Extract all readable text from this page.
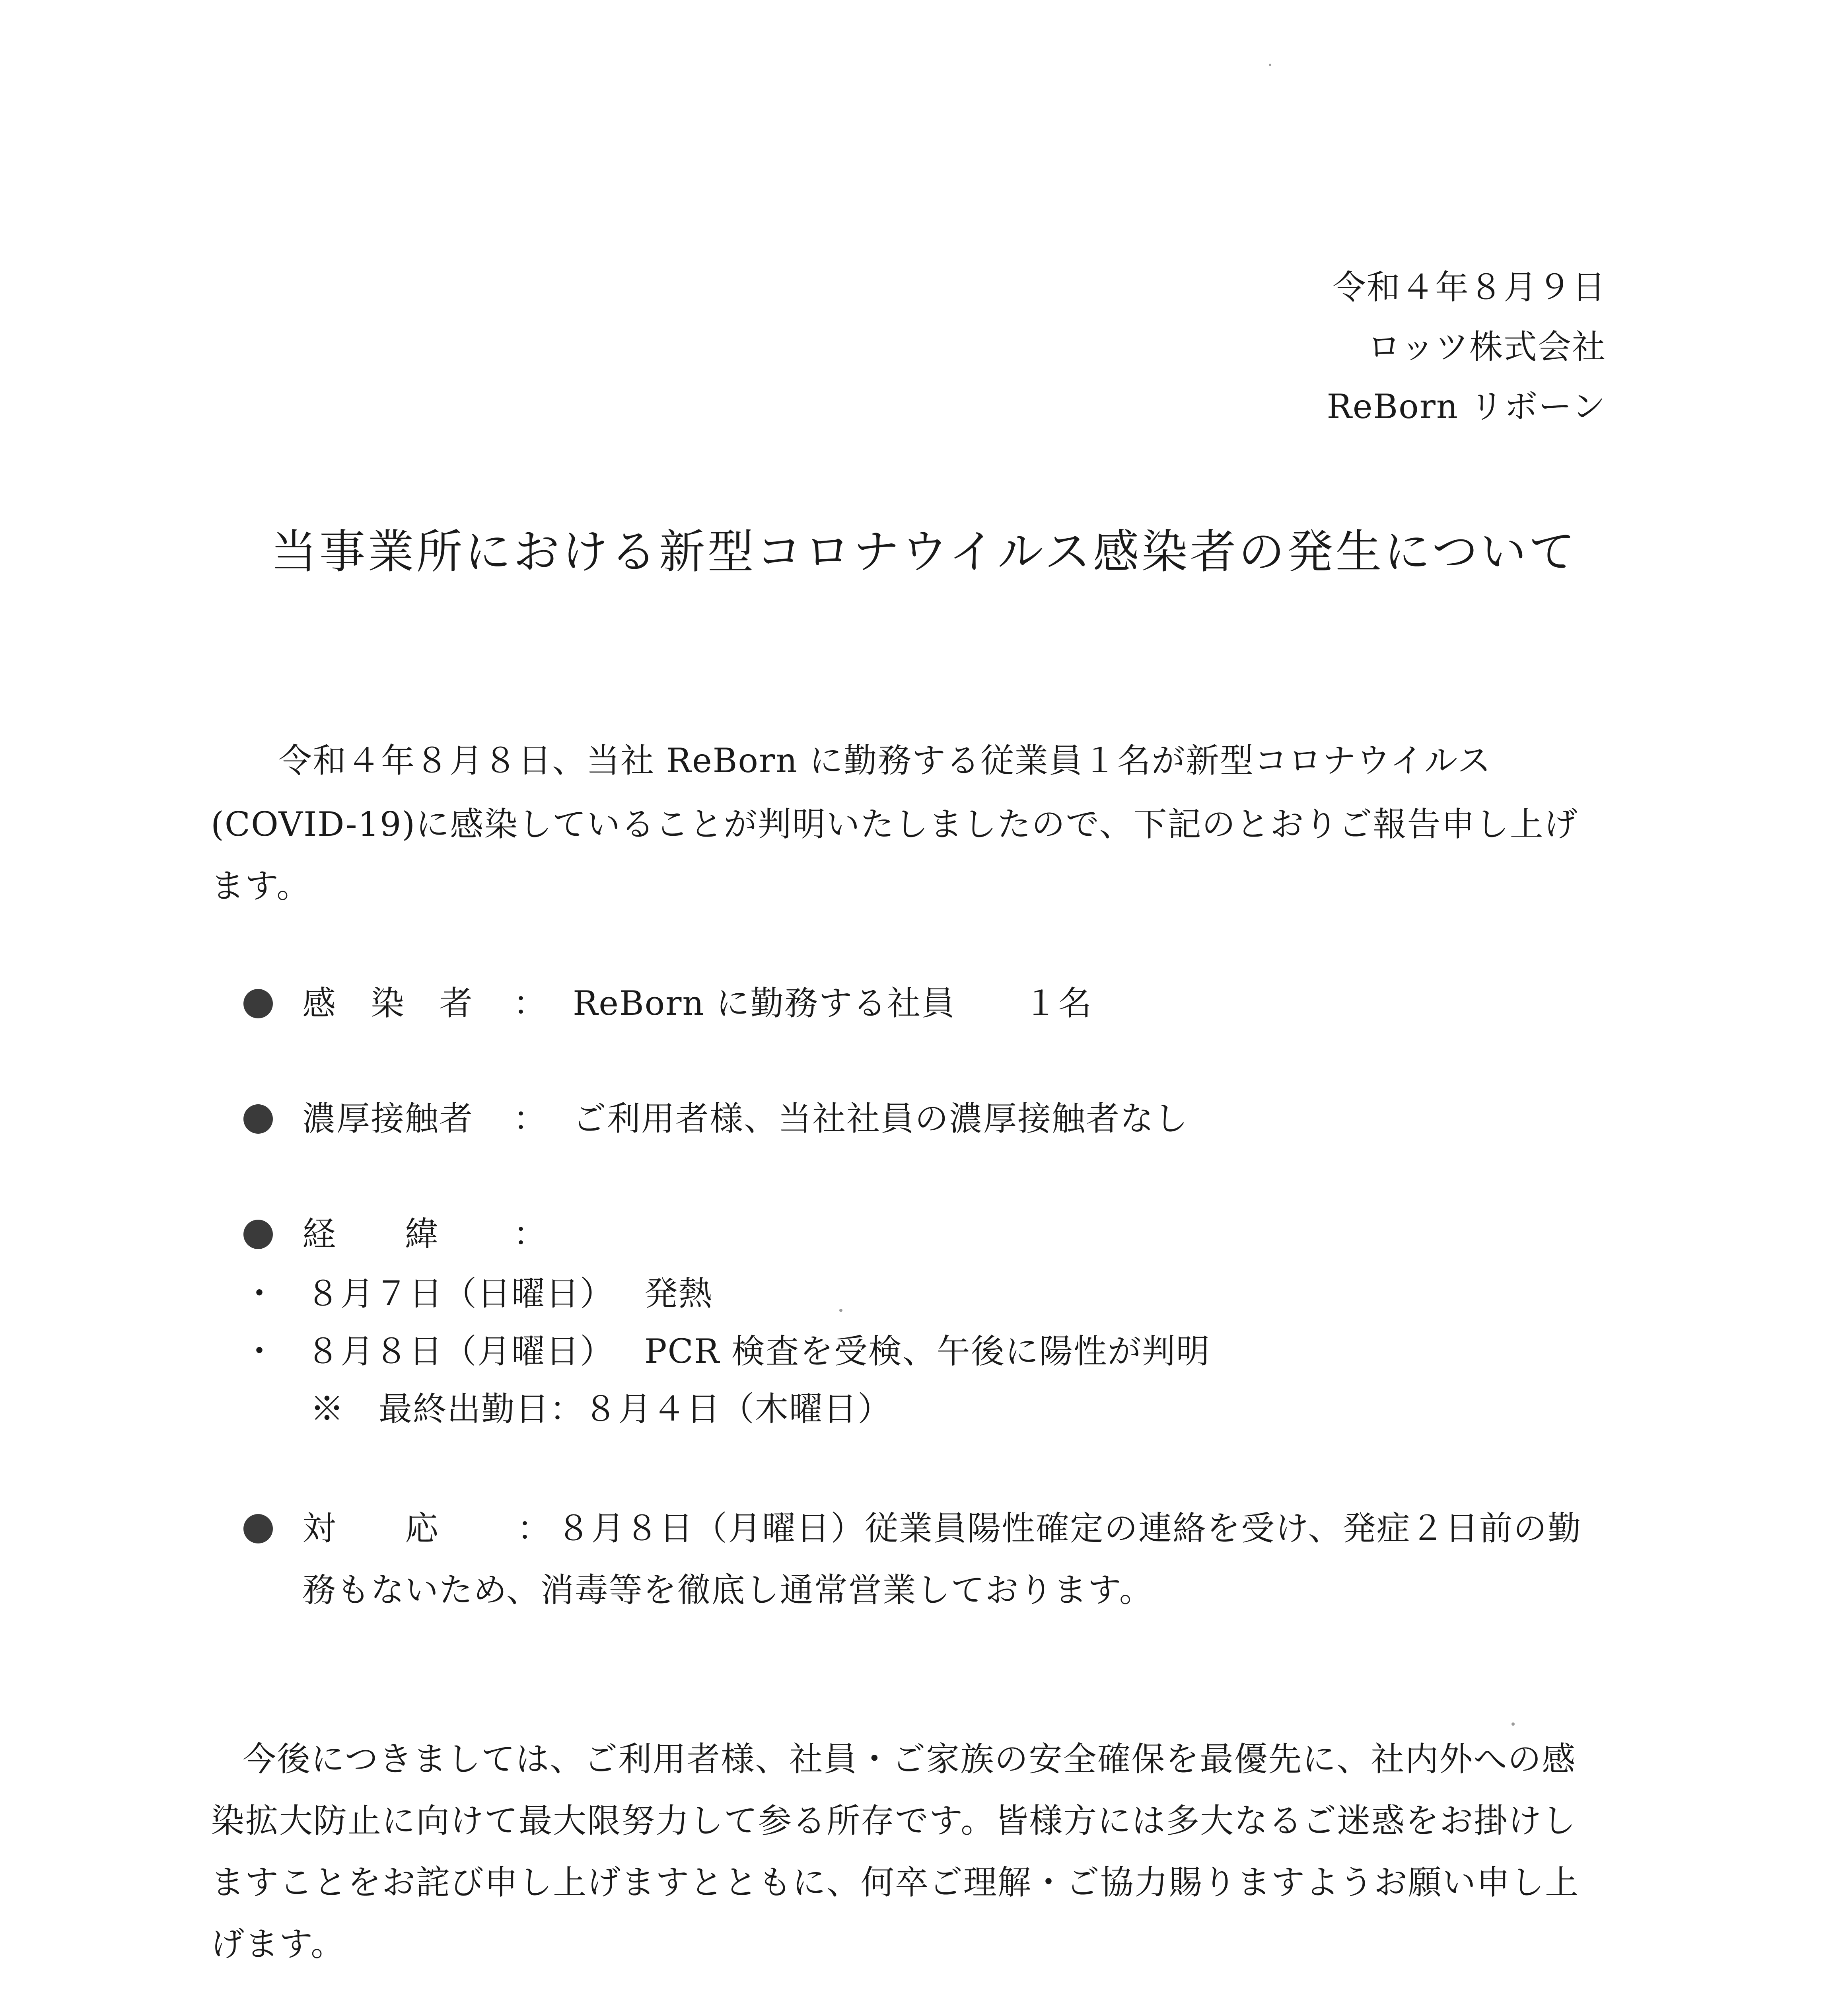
令和４年８月９日
ロッツ株式会社
ReBorn リボーン
当事業所における新型コロナウイルス感染者の発生について
令和４年８月８日、当社 ReBorn に勤務する従業員１名が新型コロナウイルス
(COVID-19)に感染していることが判明いたしましたので、下記のとおりご報告申し上げ
ます。
感　染　者 ： ReBorn に勤務する社員　　１名
濃厚接触者 ： ご利用者様、当社社員の濃厚接触者なし
経　　緯 ：
・ ８月７日（日曜日） 発熱
・ ８月８日（月曜日） PCR 検査を受検、午後に陽性が判明
※　最終出勤日：８月４日（木曜日）
対　　応 ： ８月８日（月曜日）従業員陽性確定の連絡を受け、発症２日前の勤
務もないため、消毒等を徹底し通常営業しております。
今後につきましては、ご利用者様、社員・ご家族の安全確保を最優先に、社内外への感
染拡大防止に向けて最大限努力して参る所存です。皆様方には多大なるご迷惑をお掛けし
ますことをお詫び申し上げますとともに、何卒ご理解・ご協力賜りますようお願い申し上
げます。
